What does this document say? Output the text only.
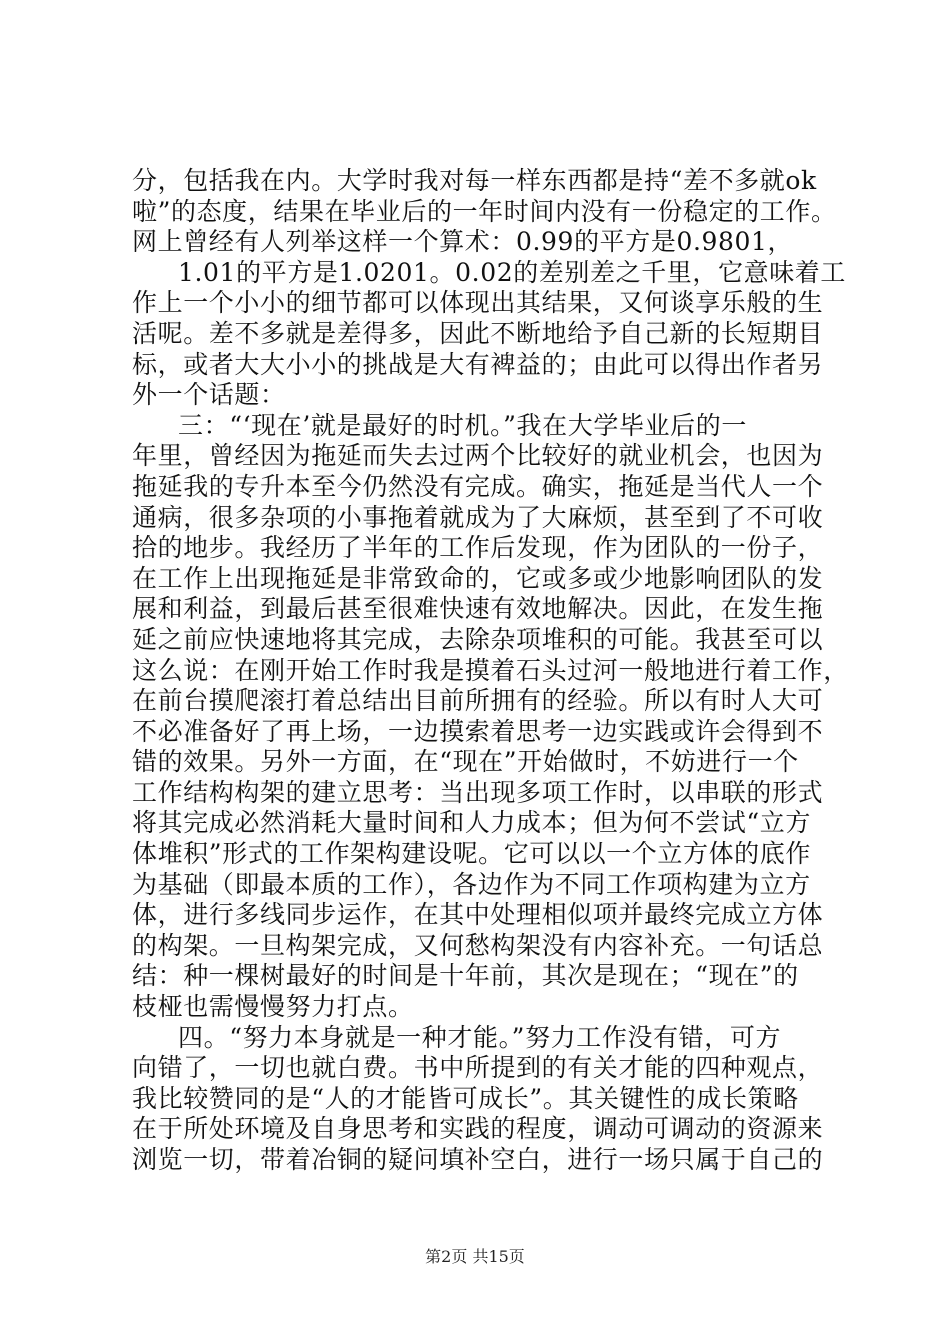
分，包括我在内。大学时我对每一样东西都是持“差不多就ok
啦”的态度，结果在毕业后的一年时间内没有一份稳定的工作。
网上曾经有人列举这样一个算术：0.99的平方是0.9801，
1.01的平方是1.0201。0.02的差别差之千里，它意味着工
作上一个小小的细节都可以体现出其结果，又何谈享乐般的生
活呢。差不多就是差得多，因此不断地给予自己新的长短期目
标，或者大大小小的挑战是大有裨益的；由此可以得出作者另
外一个话题：
三：“‘现在’就是最好的时机。”我在大学毕业后的一
年里，曾经因为拖延而失去过两个比较好的就业机会，也因为
拖延我的专升本至今仍然没有完成。确实，拖延是当代人一个
通病，很多杂项的小事拖着就成为了大麻烦，甚至到了不可收
拾的地步。我经历了半年的工作后发现，作为团队的一份子，
在工作上出现拖延是非常致命的，它或多或少地影响团队的发
展和利益，到最后甚至很难快速有效地解决。因此，在发生拖
延之前应快速地将其完成，去除杂项堆积的可能。我甚至可以
这么说：在刚开始工作时我是摸着石头过河一般地进行着工作，
在前台摸爬滚打着总结出目前所拥有的经验。所以有时人大可
不必准备好了再上场，一边摸索着思考一边实践或许会得到不
错的效果。另外一方面，在“现在”开始做时，不妨进行一个
工作结构构架的建立思考：当出现多项工作时，以串联的形式
将其完成必然消耗大量时间和人力成本；但为何不尝试“立方
体堆积”形式的工作架构建设呢。它可以以一个立方体的底作
为基础（即最本质的工作），各边作为不同工作项构建为立方
体，进行多线同步运作，在其中处理相似项并最终完成立方体
的构架。一旦构架完成，又何愁构架没有内容补充。一句话总
结：种一棵树最好的时间是十年前，其次是现在；“现在”的
枝桠也需慢慢努力打点。
四。“努力本身就是一种才能。”努力工作没有错，可方
向错了，一切也就白费。书中所提到的有关才能的四种观点，
我比较赞同的是“人的才能皆可成长”。其关键性的成长策略
在于所处环境及自身思考和实践的程度，调动可调动的资源来
浏览一切，带着冶铜的疑问填补空白，进行一场只属于自己的
第2页 共15页
